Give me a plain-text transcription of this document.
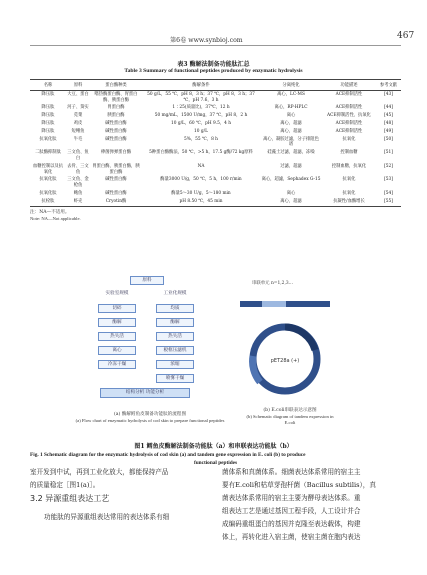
第6卷 www.synbioj.com	467
表3 酶解法制备功能肽汇总
Table 3 Summary of functional peptides produced by enzymatic hydrolysis
名称	原料	蛋白酶种类	酶解条件	分离纯化	功能描述	参考文献
降压肽	大豆、蛋白	嗜热酶蛋白酶、胃蛋白酶、胰蛋白酶	50 g/L，55 ℃，pH 8，3 h；37 ℃，pH 8，3 h；37 ℃，pH 7.6，3 h	离心，LC-MS	ACE抑制活性	[43]
降压肽	河子、葵实	胃蛋白酶	1∶25(质量比)，37℃，12 h	离心，RP-HPLC	ACE抑制活性	[44]
降压肽	苋菜	胰蛋白酶	50 mg/mL，1500 U/mg，37 ℃，pH 8，2 h	离心	ACE抑制活性、抗氧化	[45]
降压肽	鸡皮	碱性蛋白酶	10 g/L，60 ℃，pH 9.5，4 h	离心，超滤	ACE抑制活性	[48]
降压肽	短鳍鱼	碱性蛋白酶	10 g/L	离心，超滤	ACE抑制活性	[49]
抗氧化肽	牛毛	碱性蛋白酶	5%，55 ℃，8 h	离心，凝胶过滤，分子排阻色谱	抗氧化	[50]
二肽酶抑制肽	三文鱼、鱼白	棒菌弹弹蛋白酶	5种蛋白酶酶法，50 ℃，>5 h，17.5 g酶/72 kg原料	硅藻土过滤，超滤，冻噪	控制血糖	[51]
血糖控制以及抗氧化	去骨、三文鱼	胃蛋白酶，胰蛋白酶，胰蛋白酶	NA	过滤，超滤	控制血糖，抗氧化	[52]
抗氧化肽	三文鱼、金枪鱼	碱性蛋白酶	酶量3000 U/g，50 ℃，5 h，100 r/min	离心，超滤，Sephadex G-15	抗氧化	[53]
抗氧化肽	鲍鱼	碱性蛋白酶	酶量5～30 U/g，5～180 min	离心	抗氧化	[54]
抗栓肽	虾壳	Cryotin酶	pH 8.50 ℃，45 min	离心，超滤	抗凝性/血酶增长	[55]
原料
实验室规模
切碎
酶解
热失活
离心
冷冻干燥
工业化规模
均质
酶解
热失活
板框压滤机
浓缩
喷雾干燥
结构分析 功能分析
(a) 酶解鳕鱼皮制备功能肽的流程图
(a) Flow chart of enzymatic hydrolysis of cod skin to prepare functional peptides
pET28a (+)
串联单元 n=1,2,3…
(b) E.coli串联表达示意图
(b) Schematic diagram of tandem expression in E.coli
图1 鳕鱼皮酶解法制备功能肽（a）和串联表达功能肽（b）
Fig. 1 Schematic diagram for the enzymatic hydrolysis of cod skin (a) and tandem gene expression in E. coli (b) to produce
functional peptides
室开发到中试，再到工业化放大，都能保持产品
的质量稳定［图1(a)］。
3.2 异源重组表达工艺
功能肽的异源重组表达常用的表达体系有细
菌体系和真菌体系。细菌表达体系常用的宿主主
要有E.coli和枯草芽孢杆菌（Bacillus subtilis），真
菌表达体系常用的宿主主要为酵母表达体系。重
组表达工艺是通过基因工程手段，人工设计并合
成编码重组蛋白的基因并克隆至表达载体，构建
体上，再转化进入宿主菌，使宿主菌在胞内表达
注：NA—不适用。
Note: NA—Not applicable.
